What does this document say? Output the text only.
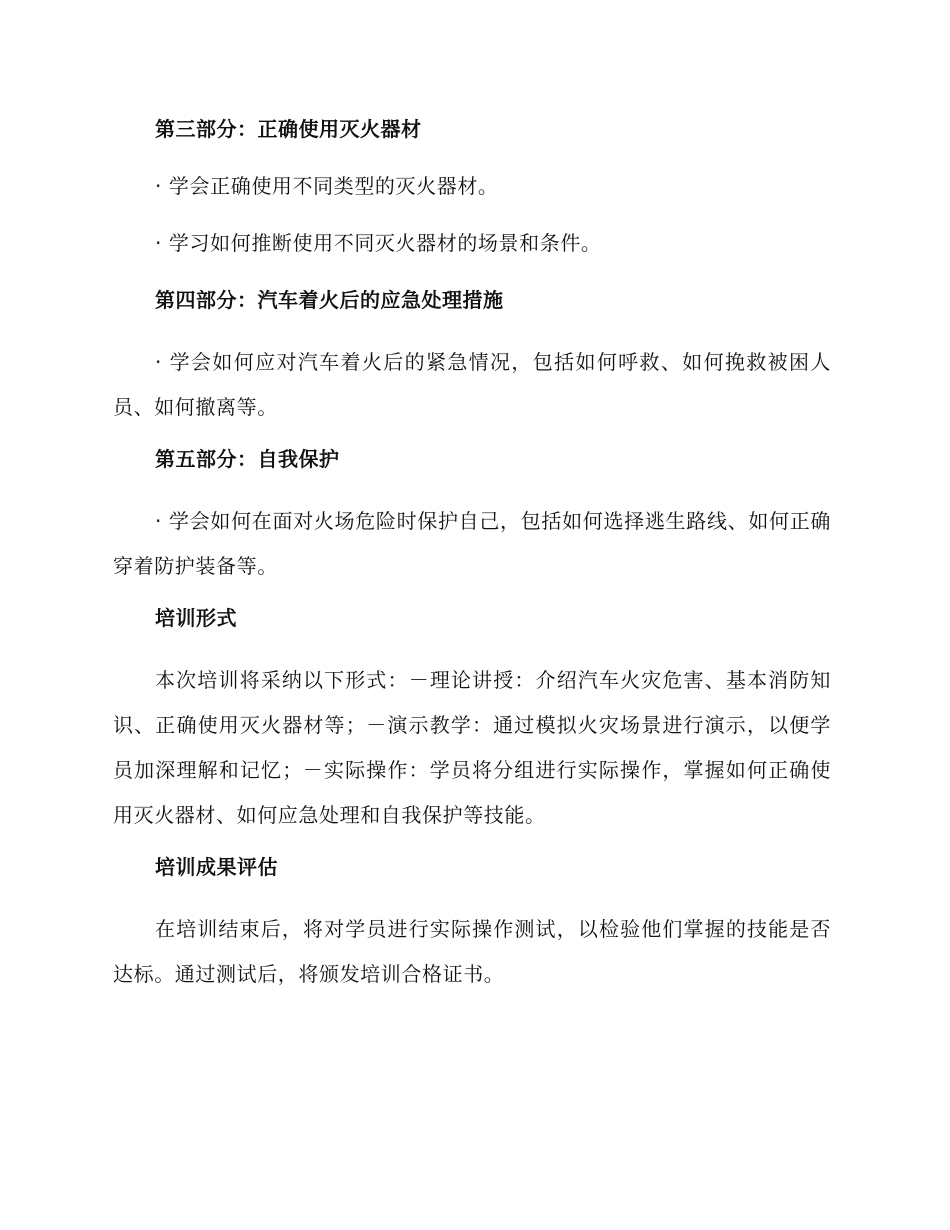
第三部分：正确使用灭火器材
· 学会正确使用不同类型的灭火器材。
· 学习如何推断使用不同灭火器材的场景和条件。
第四部分：汽车着火后的应急处理措施
· 学会如何应对汽车着火后的紧急情况，包括如何呼救、如何挽救被困人员、如何撤离等。
第五部分：自我保护
· 学会如何在面对火场危险时保护自己，包括如何选择逃生路线、如何正确穿着防护装备等。
培训形式
本次培训将采纳以下形式：－理论讲授：介绍汽车火灾危害、基本消防知识、正确使用灭火器材等；－演示教学：通过模拟火灾场景进行演示，以便学员加深理解和记忆；－实际操作：学员将分组进行实际操作，掌握如何正确使用灭火器材、如何应急处理和自我保护等技能。
培训成果评估
在培训结束后，将对学员进行实际操作测试，以检验他们掌握的技能是否达标。通过测试后，将颁发培训合格证书。
